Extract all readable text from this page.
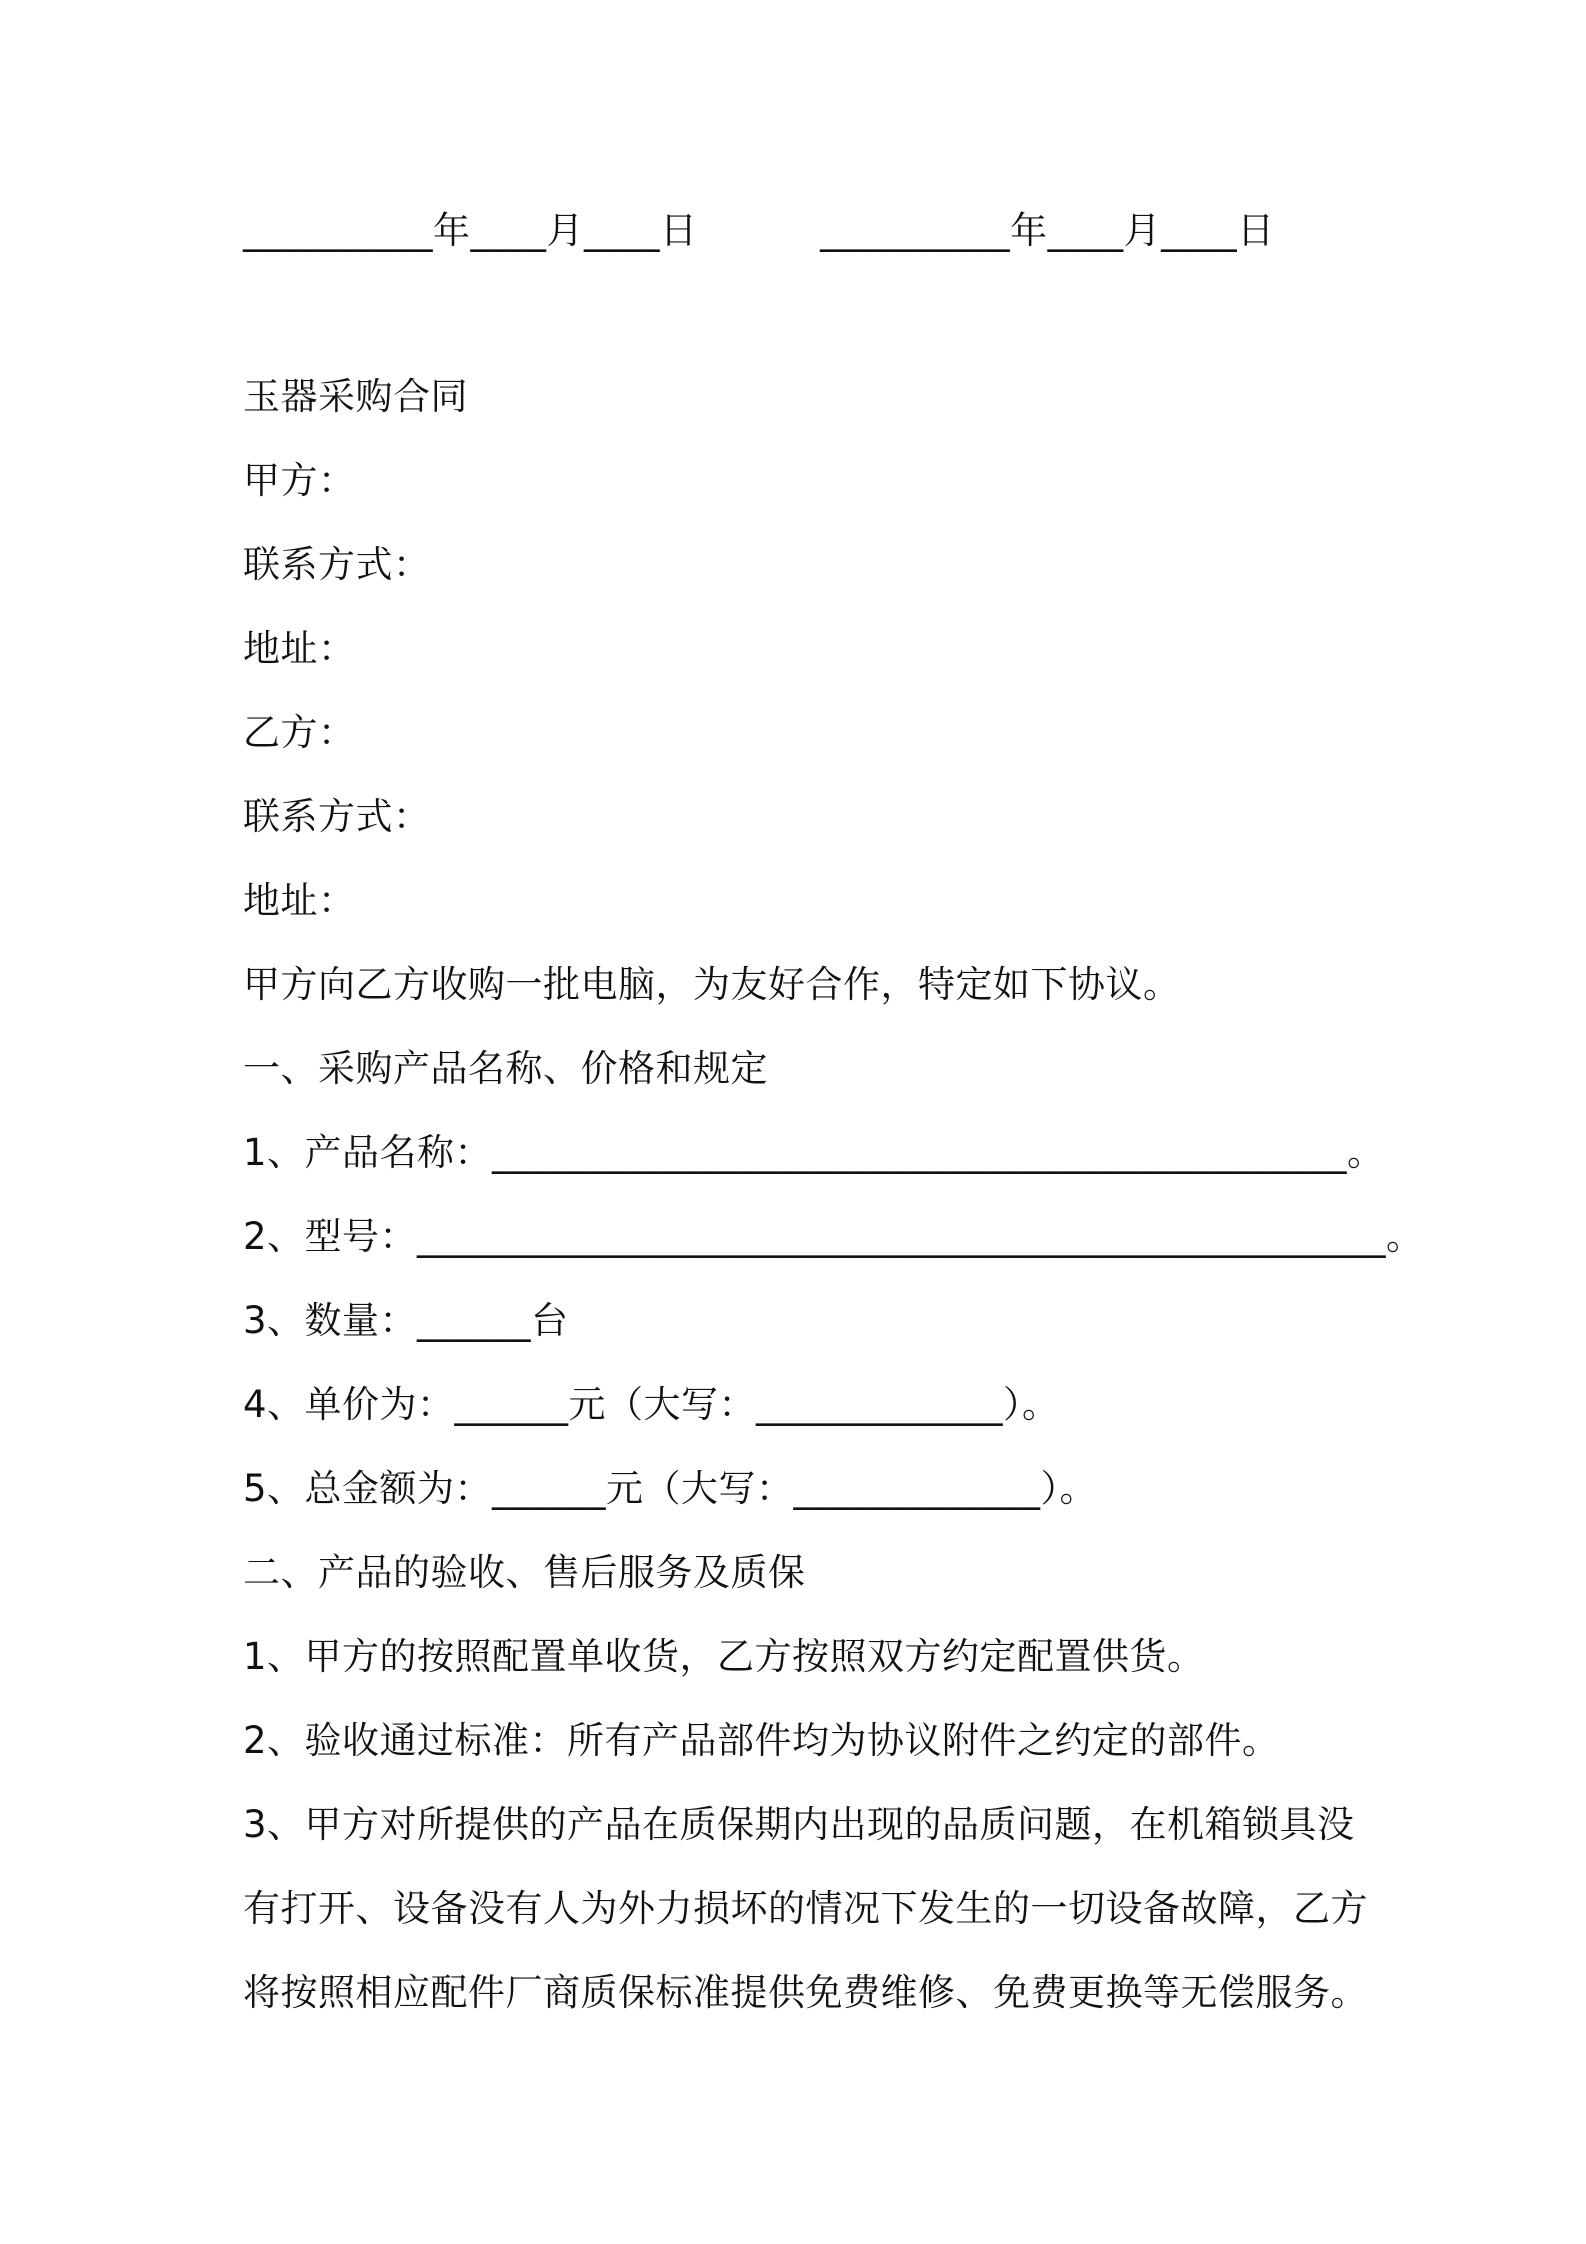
__________年____月____日          __________年____月____日
玉器采购合同
甲方：
联系方式：
地址：
乙方：
联系方式：
地址：
甲方向乙方收购一批电脑，为友好合作，特定如下协议。
一、采购产品名称、价格和规定
1、产品名称：_____________________________________________。
2、型号：___________________________________________________。
3、数量：______台
4、单价为：______元（大写：_____________）。
5、总金额为：______元（大写：_____________）。
二、产品的验收、售后服务及质保
1、甲方的按照配置单收货，乙方按照双方约定配置供货。
2、验收通过标准：所有产品部件均为协议附件之约定的部件。
3、甲方对所提供的产品在质保期内出现的品质问题，在机箱锁具没
有打开、设备没有人为外力损坏的情况下发生的一切设备故障，乙方
将按照相应配件厂商质保标准提供免费维修、免费更换等无偿服务。
